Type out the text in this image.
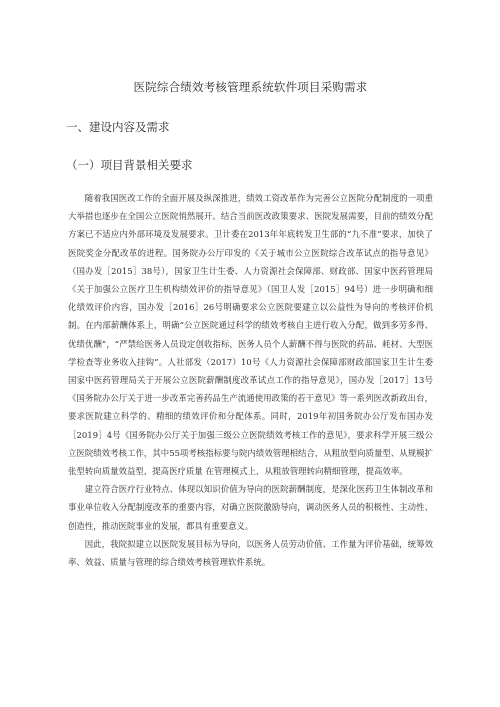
医院综合绩效考核管理系统软件项目采购需求
一、建设内容及需求
（一）项目背景相关要求

随着我国医改工作的全面开展及纵深推进，绩效工资改革作为完善公立医院分配制度的一项重大举措也逐步在全国公立医院悄然展开。结合当前医改政策要求、医院发展需要，目前的绩效分配方案已不适应内外部环境及发展要求。卫计委在2013年年底转发卫生部的“九不准”要求，加快了医院奖金分配改革的进程。国务院办公厅印发的《关于城市公立医院综合改革试点的指导意见》（国办发［2015］38号），国家卫生计生委、人力资源社会保障部、财政部、国家中医药管理局《关于加强公立医疗卫生机构绩效评价的指导意见》（国卫人发［2015］94号）进一步明确和细化绩效评价内容，国办发［2016］26号明确要求公立医院要建立以公益性为导向的考核评价机制。在内部薪酬体系上，明确“公立医院通过科学的绩效考核自主进行收入分配，做到多劳多得、优绩优酬”，“严禁给医务人员设定创收指标，医务人员个人薪酬不得与医院的药品、耗材、大型医学检查等业务收入挂钩”。人社部发（2017）10号《人力资源社会保障部财政部国家卫生计生委国家中医药管理局关于开展公立医院薪酬制度改革试点工作的指导意见》，国办发［2017］13号《国务院办公厅关于进一步改革完善药品生产流通使用政策的若干意见》等一系列医改新政出台，要求医院建立科学的、精细的绩效评价和分配体系。同时，2019年初国务院办公厅发布国办发［2019］4号《国务院办公厅关于加强三级公立医院绩效考核工作的意见》，要求科学开展三级公立医院绩效考核工作，其中55项考核指标要与院内绩效管理相结合，从粗放型向质量型、从规模扩张型转向质量效益型，提高医疗质量 在管理模式上，从粗放管理转向精细管理，提高效率。

建立符合医疗行业特点、体现以知识价值为导向的医院薪酬制度，是深化医药卫生体制改革和事业单位收入分配制度改革的重要内容，对确立医院激励导向，调动医务人员的积极性、主动性、创造性，推动医院事业的发展，都具有重要意义。

因此，我院拟建立以医院发展目标为导向，以医务人员劳动价值、工作量为评价基础，统筹效率、效益、质量与管理的综合绩效考核管理软件系统。
